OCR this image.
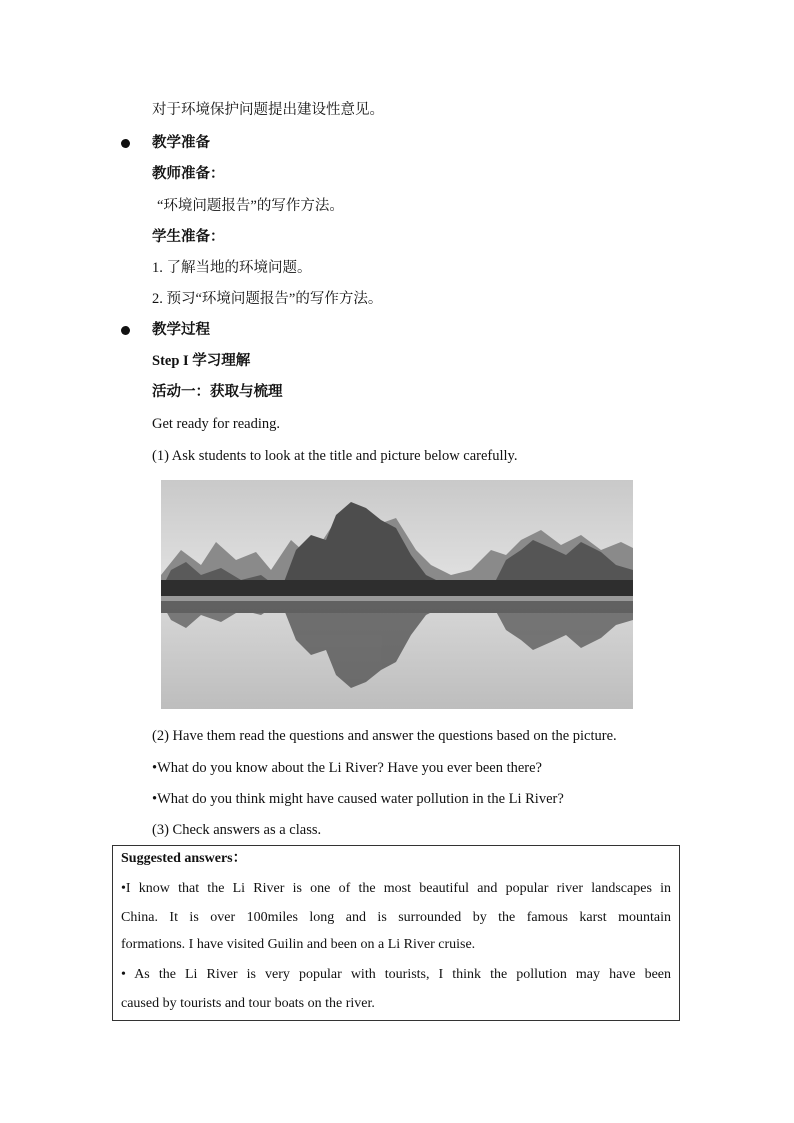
对于环境保护问题提出建设性意见。
教学准备
教师准备：
“环境问题报告”的写作方法。
学生准备：
1. 了解当地的环境问题。
2. 预习“环境问题报告”的写作方法。
教学过程
Step I 学习理解
活动一：获取与梳理
Get ready for reading.
(1) Ask students to look at the title and picture below carefully.
(2) Have them read the questions and answer the questions based on the picture.
•What do you know about the Li River? Have you ever been there?
•What do you think might have caused water pollution in the Li River?
(3) Check answers as a class.
Suggested answers：
•I know that the Li River is one of the most beautiful and popular river landscapes in
China. It is over 100miles long and is surrounded by the famous karst mountain
formations. I have visited Guilin and been on a Li River cruise.
• As the Li River is very popular with tourists, I think the pollution may have been
caused by tourists and tour boats on the river.
